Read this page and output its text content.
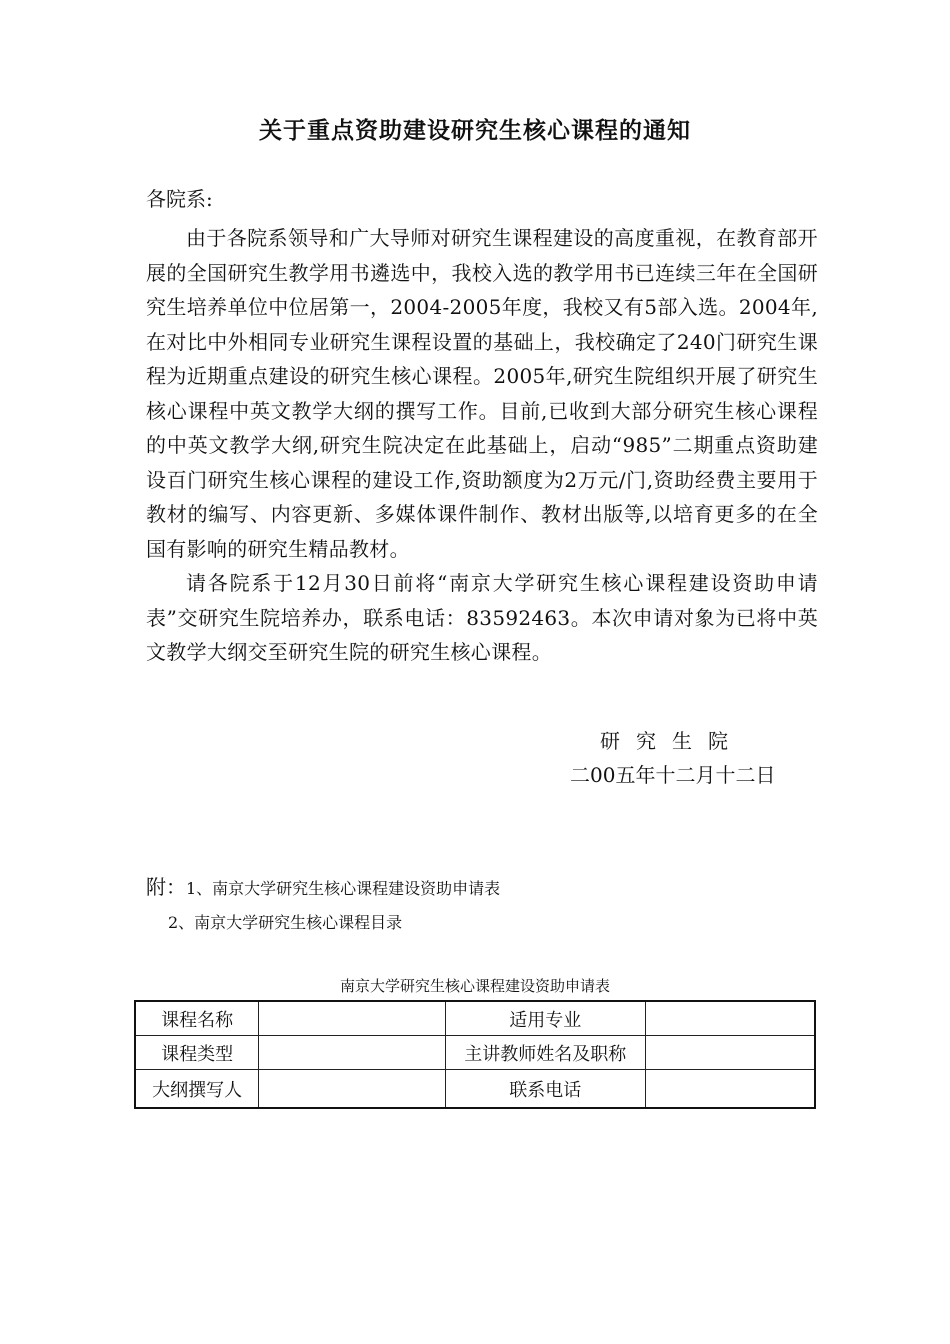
关于重点资助建设研究生核心课程的通知
各院系:

由于各院系领导和广大导师对研究生课程建设的高度重视，在教育部开展的全国研究生教学用书遴选中，我校入选的教学用书已连续三年在全国研究生培养单位中位居第一，2004-2005年度，我校又有5部入选。2004年,在对比中外相同专业研究生课程设置的基础上，我校确定了240门研究生课程为近期重点建设的研究生核心课程。2005年,研究生院组织开展了研究生核心课程中英文教学大纲的撰写工作。目前,已收到大部分研究生核心课程的中英文教学大纲,研究生院决定在此基础上，启动“985”二期重点资助建设百门研究生核心课程的建设工作,资助额度为2万元/门,资助经费主要用于教材的编写、内容更新、多媒体课件制作、教材出版等,以培育更多的在全国有影响的研究生精品教材。

请各院系于12月30日前将“南京大学研究生核心课程建设资助申请表”交研究生院培养办，联系电话：83592463。本次申请对象为已将中英文教学大纲交至研究生院的研究生核心课程。

研究生院
二00五年十二月十二日
附：1、南京大学研究生核心课程建设资助申请表
2、南京大学研究生核心课程目录
南京大学研究生核心课程建设资助申请表
课程名称		适用专业	
课程类型		主讲教师姓名及职称	
大纲撰写人		联系电话	
